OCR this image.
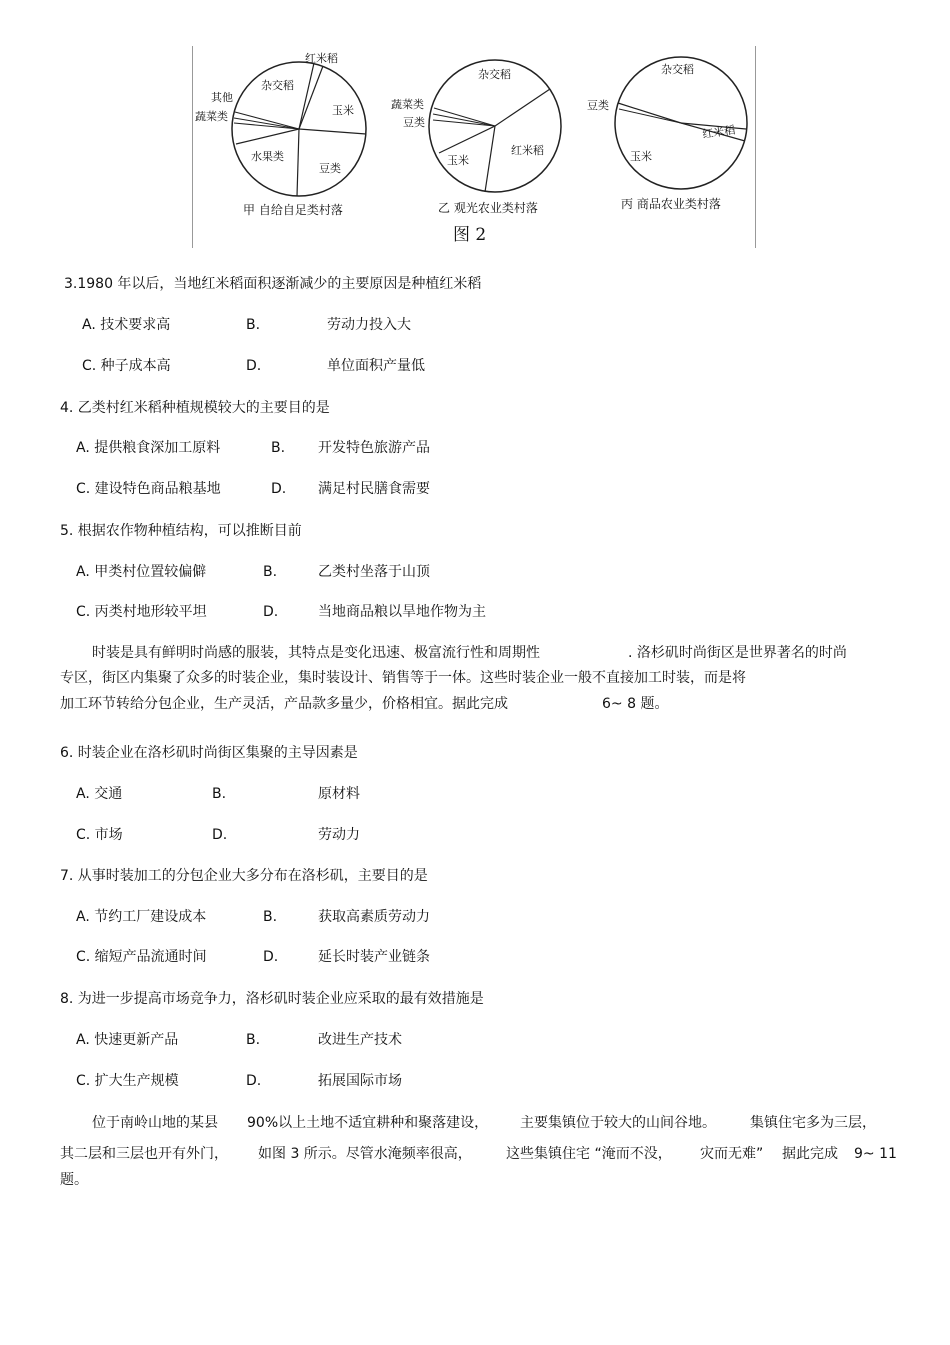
红米稻
杂交稻
玉米
其他
蔬菜类
水果类
豆类
甲 自给自足类村落
杂交稻
蔬菜类
豆类
红米稻
玉米
乙 观光农业类村落
杂交稻
豆类
红米稻
玉米
丙 商品农业类村落
图 2
3.1980 年以后，当地红米稻面积逐渐减少的主要原因是种植红米稻
A. 技术要求高	B.	劳动力投入大
C. 种子成本高	D.	单位面积产量低
4. 乙类村红米稻种植规模较大的主要目的是
A. 提供粮食深加工原料	B. 开发特色旅游产品
C. 建设特色商品粮基地	D. 满足村民膳食需要
5. 根据农作物种植结构，可以推断目前
A. 甲类村位置较偏僻	B.	乙类村坐落于山顶
C. 丙类村地形较平坦	D.	当地商品粮以旱地作物为主
时装是具有鲜明时尚感的服装，其特点是变化迅速、极富流行性和周期性	. 洛杉矶时尚街区是世界著名的时尚
专区，街区内集聚了众多的时装企业，集时装设计、销售等于一体。这些时装企业一般不直接加工时装，而是将
加工环节转给分包企业，生产灵活，产品款多量少，价格相宜。据此完成	6~ 8 题。
6. 时装企业在洛杉矶时尚街区集聚的主导因素是
A. 交通	B.	原材料
C. 市场	D.	劳动力
7. 从事时装加工的分包企业大多分布在洛杉矶，主要目的是
A. 节约工厂建设成本	B.	获取高素质劳动力
C. 缩短产品流通时间	D.	延长时装产业链条
8. 为进一步提高市场竞争力，洛杉矶时装企业应采取的最有效措施是
A. 快速更新产品	B.	改进生产技术
C. 扩大生产规模	D.	拓展国际市场
位于南岭山地的某县 90%以上土地不适宜耕种和聚落建设， 主要集镇位于较大的山间谷地。 集镇住宅多为三层，
其二层和三层也开有外门， 如图 3 所示。尽管水淹频率很高， 这些集镇住宅 “淹而不没， 灾而无难” 据此完成 9~ 11
题。
